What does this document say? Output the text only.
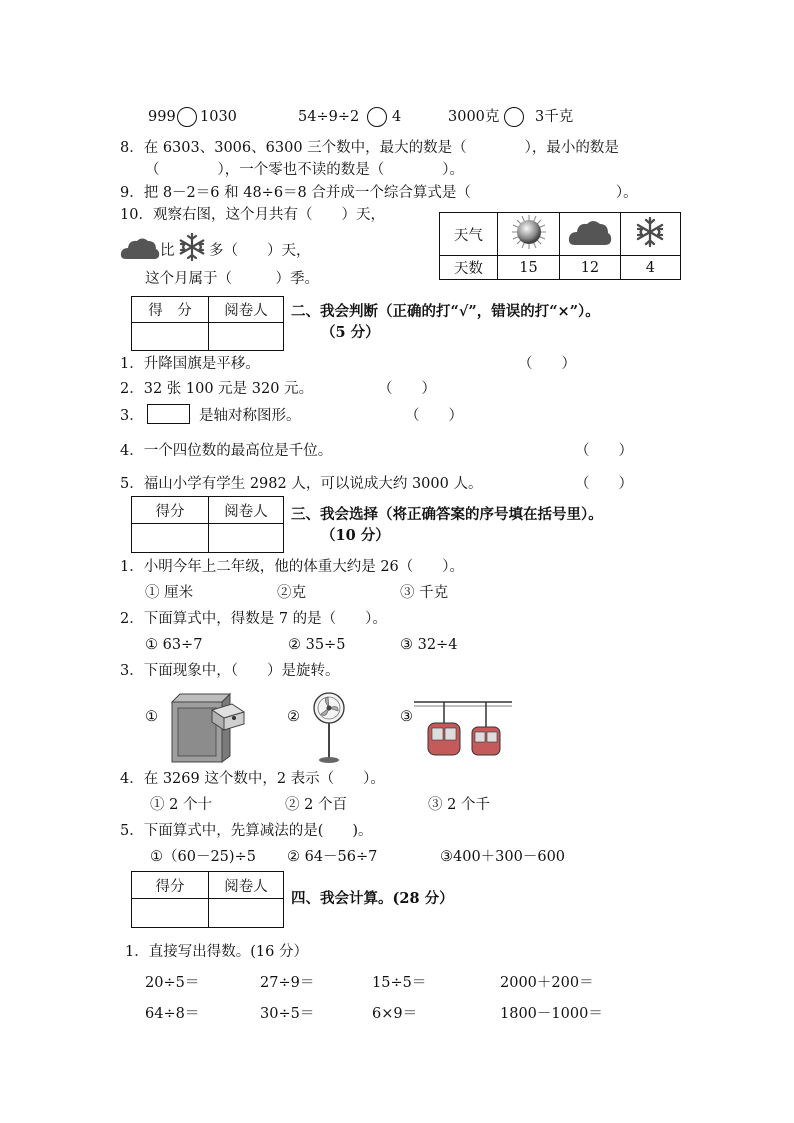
999 1030	54÷9÷2 4	3000克 3千克
8．在 6303、3006、6300 三个数中，最大的数是（　　　　），最小的数是
（　　　　），一个零也不读的数是（　　　　）。
9．把 8－2＝6 和 48÷6＝8 合并成一个综合算式是（　　　　　　　　　　）。
10．观察右图，这个月共有（　　）天，
比 多（　　）天，
这个月属于（　　　）季。
天气			
天数	15	12	4
得　分	阅卷人
	二、我会判断（正确的打“√”，错误的打“×”）。
（5 分）
1．升降国旗是平移。	（　　）
2．32 张 100 元是 320 元。	（　　）
3．	是轴对称图形。	（　　）
4．一个四位数的最高位是千位。	（　　）
5．福山小学有学生 2982 人，可以说成大约 3000 人。	（　　）
得分	阅卷人
	三、我会选择（将正确答案的序号填在括号里）。
（10 分）
1．小明今年上二年级，他的体重大约是 26（　　）。
① 厘米	②克	③ 千克
2．下面算式中，得数是 7 的是（　　）。
① 63÷7	② 35÷5	③ 32÷4
3．下面现象中，（　　）是旋转。
①	②	③
4．在 3269 这个数中，2 表示（　　）。
① 2 个十	② 2 个百	③ 2 个千
5．下面算式中，先算减法的是(　　)。
①（60－25)÷5 ② 64－56÷7	③400＋300－600
得分	阅卷人

四、我会计算。(28 分）
1．直接写出得数。(16 分）
20÷5＝	27÷9＝	15÷5＝	2000＋200＝
64÷8＝	30÷5＝	6×9＝	1800－1000＝
